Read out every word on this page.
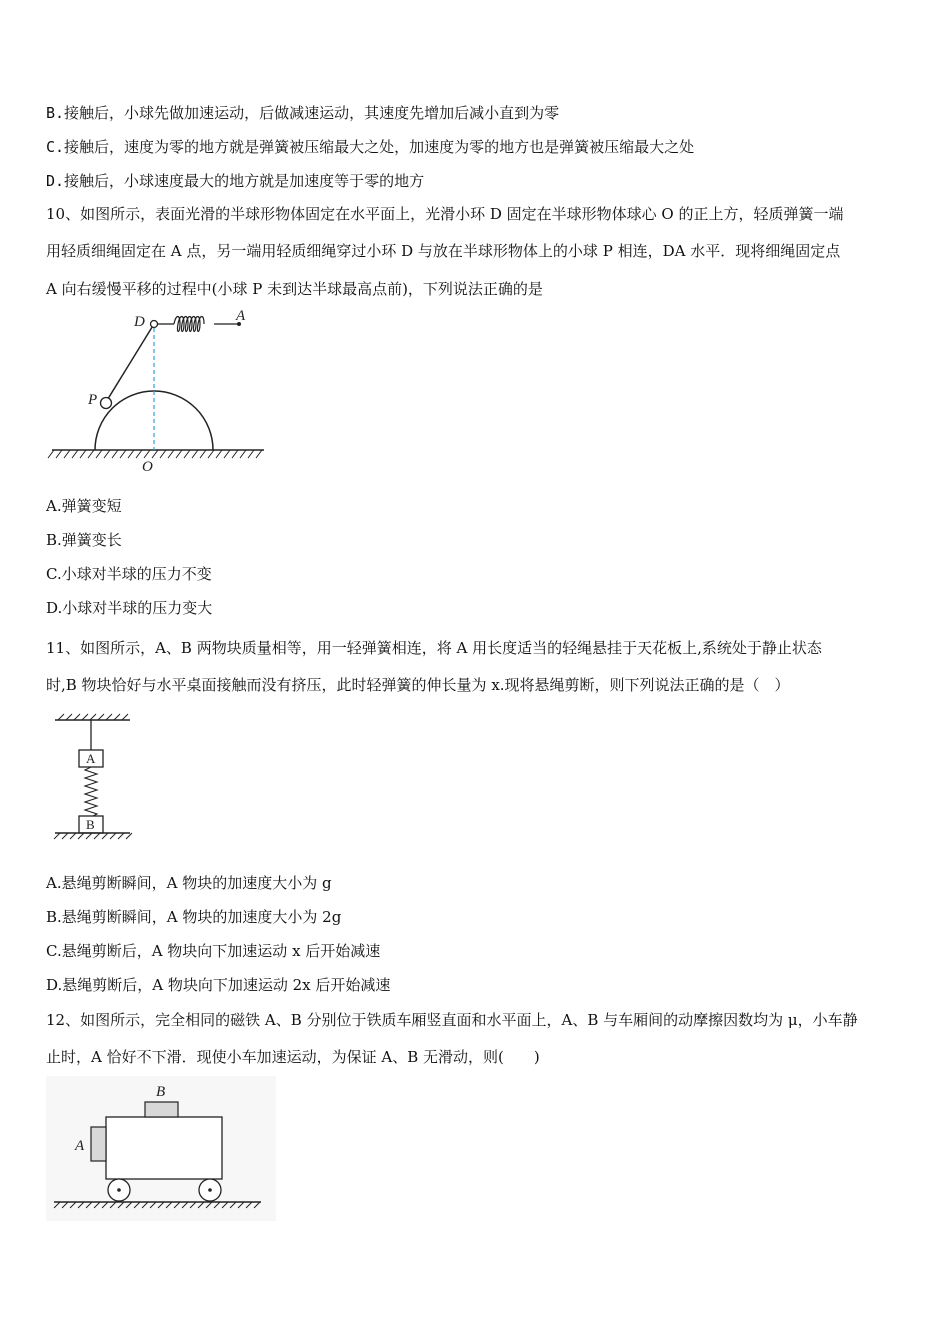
B.接触后，小球先做加速运动，后做减速运动，其速度先增加后减小直到为零
C.接触后，速度为零的地方就是弹簧被压缩最大之处，加速度为零的地方也是弹簧被压缩最大之处
D.接触后，小球速度最大的地方就是加速度等于零的地方
10、如图所示，表面光滑的半球形物体固定在水平面上，光滑小环 D 固定在半球形物体球心 O 的正上方，轻质弹簧一端
用轻质细绳固定在 A 点，另一端用轻质细绳穿过小环 D 与放在半球形物体上的小球 P 相连，DA 水平．现将细绳固定点
A 向右缓慢平移的过程中(小球 P 未到达半球最高点前)，下列说法正确的是
D	A
P
O
A.弹簧变短
B.弹簧变长
C.小球对半球的压力不变
D.小球对半球的压力变大
11、如图所示，A、B 两物块质量相等，用一轻弹簧相连，将 A 用长度适当的轻绳悬挂于天花板上,系统处于静止状态
时,B 物块恰好与水平桌面接触而没有挤压，此时轻弹簧的伸长量为 x.现将悬绳剪断，则下列说法正确的是（　）
A
B
A.悬绳剪断瞬间，A 物块的加速度大小为 g
B.悬绳剪断瞬间，A 物块的加速度大小为 2g
C.悬绳剪断后，A 物块向下加速运动 x 后开始减速
D.悬绳剪断后，A 物块向下加速运动 2x 后开始减速
12、如图所示，完全相同的磁铁 A、B 分别位于铁质车厢竖直面和水平面上，A、B 与车厢间的动摩擦因数均为 μ，小车静
止时，A 恰好不下滑．现使小车加速运动，为保证 A、B 无滑动，则(　　)
B
A
